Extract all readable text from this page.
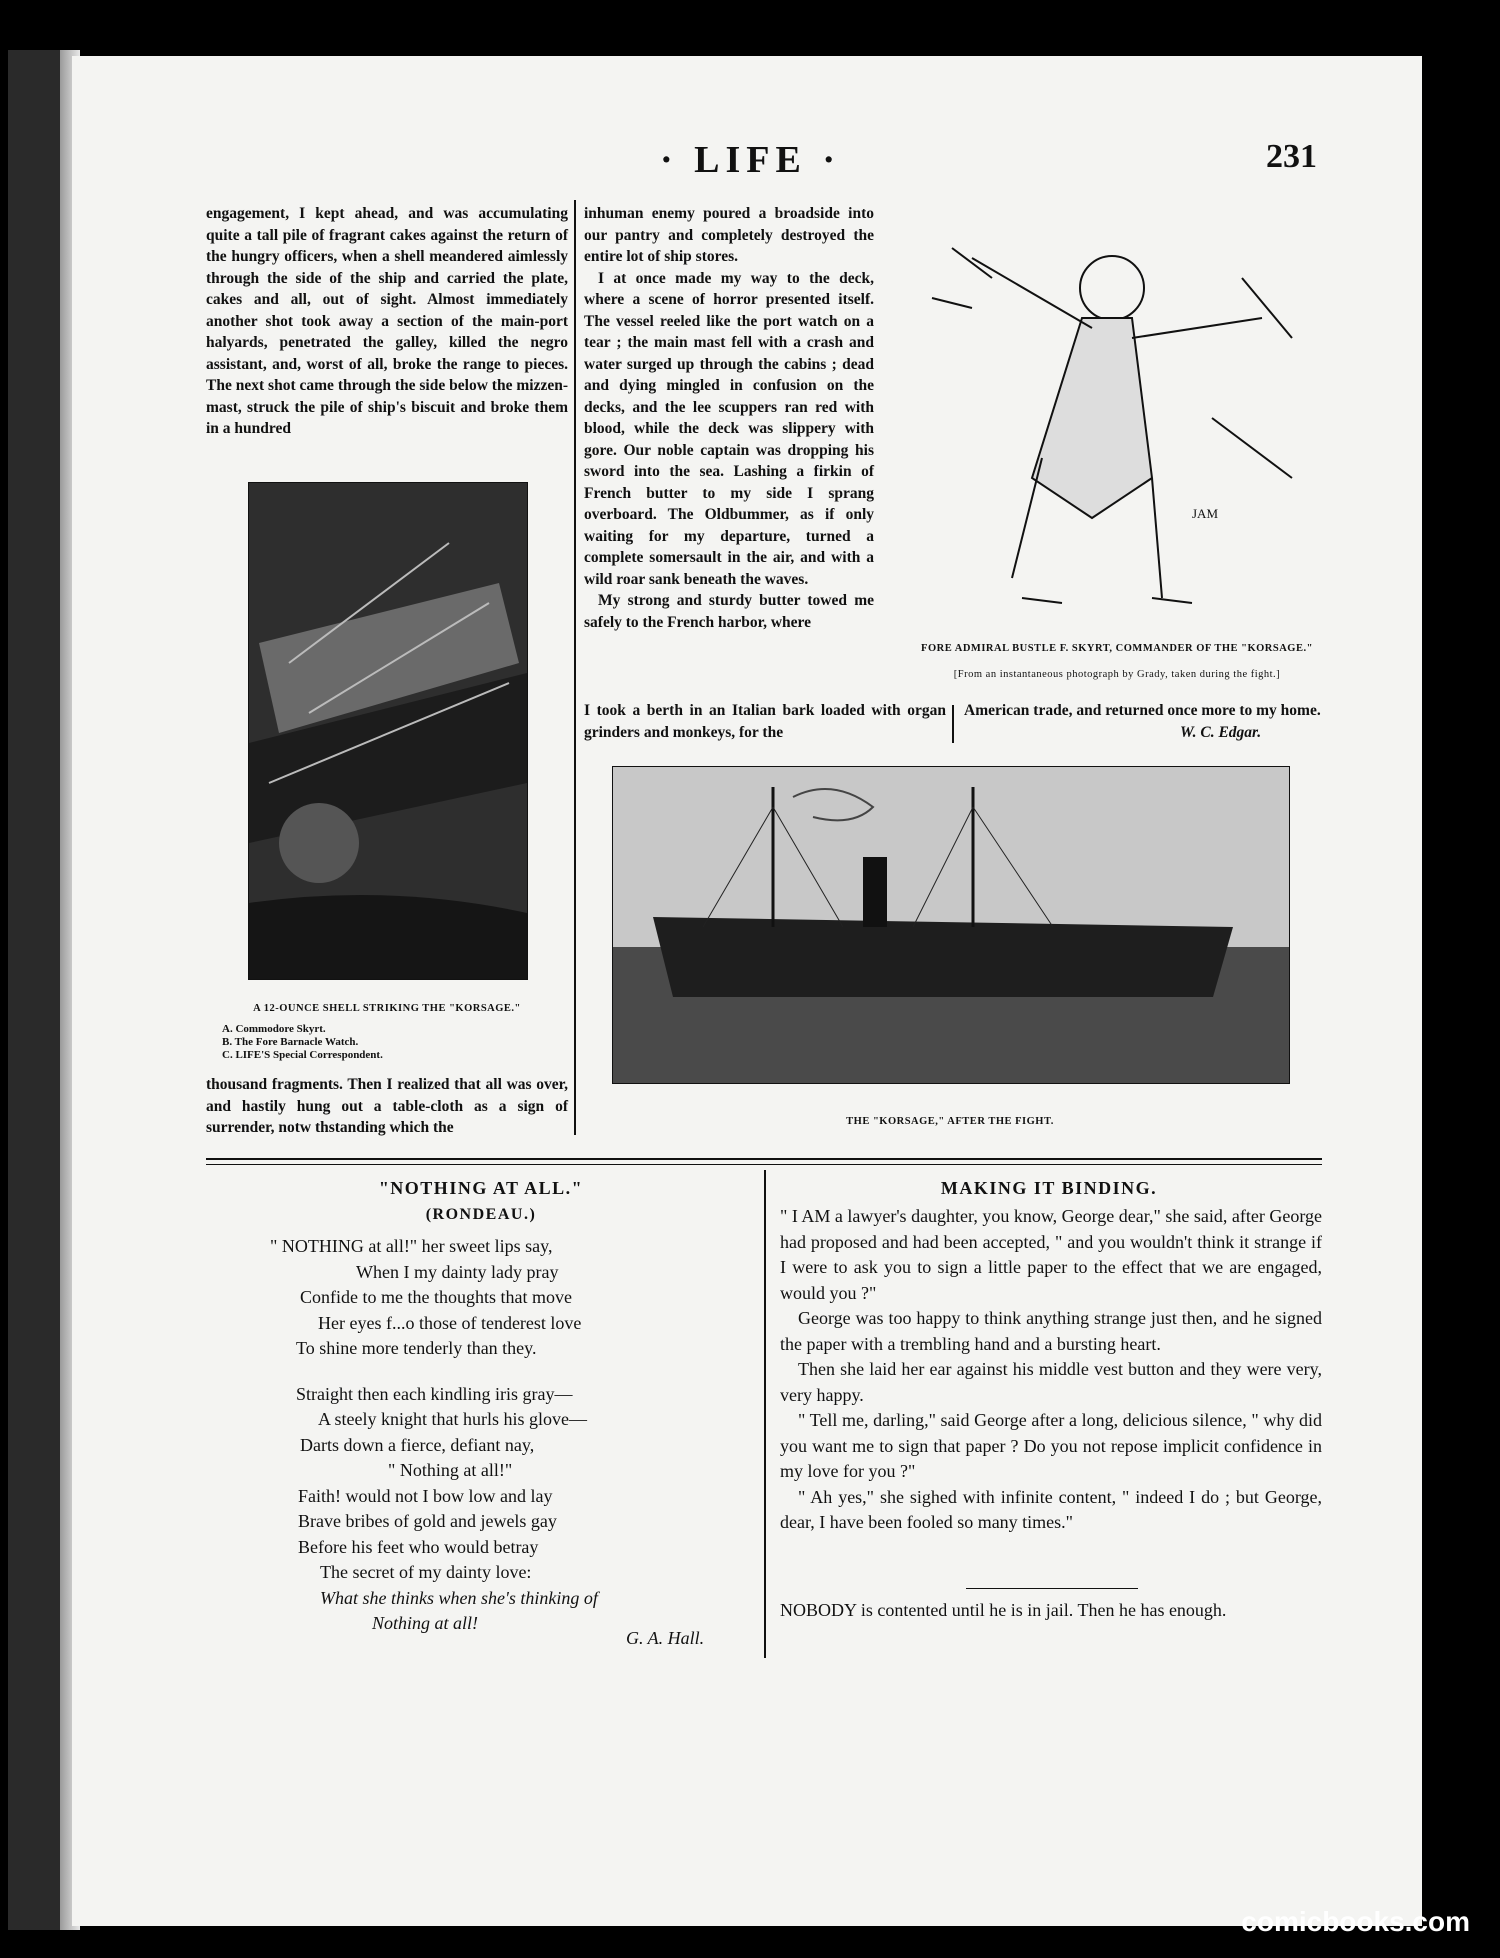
· LIFE ·	231

engagement, I kept ahead, and was accumulating quite a tall pile of fragrant cakes against the return of the hungry officers, when a shell meandered aimlessly through the side of the ship and carried the plate, cakes and all, out of sight. Almost immediately another shot took away a section of the main-port halyards, penetrated the galley, killed the negro assistant, and, worst of all, broke the range to pieces. The next shot came through the side below the mizzen-mast, struck the pile of ship's biscuit and broke them in a hundred

A 12-OUNCE SHELL STRIKING THE "KORSAGE."
A. Commodore Skyrt.
B. The Fore Barnacle Watch.
C. LIFE'S Special Correspondent.

thousand fragments. Then I realized that all was over, and hastily hung out a table-cloth as a sign of surrender, notw thstanding which the

inhuman enemy poured a broadside into our pantry and completely destroyed the entire lot of ship stores.

I at once made my way to the deck, where a scene of horror presented itself. The vessel reeled like the port watch on a tear ; the main mast fell with a crash and water surged up through the cabins ; dead and dying mingled in confusion on the decks, and the lee scuppers ran red with blood, while the deck was slippery with gore. Our noble captain was dropping his sword into the sea. Lashing a firkin of French butter to my side I sprang overboard. The Oldbummer, as if only waiting for my departure, turned a complete somersault in the air, and with a wild roar sank beneath the waves.

My strong and sturdy butter towed me safely to the French harbor, where

JAM
FORE ADMIRAL BUSTLE F. SKYRT, COMMANDER OF THE "KORSAGE."
[From an instantaneous photograph by Grady, taken during the fight.]

I took a berth in an Italian bark loaded with organ grinders and monkeys, for the

American trade, and returned once more to my home.

W. C. Edgar.
THE "KORSAGE," AFTER THE FIGHT.
"NOTHING AT ALL."
(RONDEAU.)
" NOTHING at all!" her sweet lips say,
When I my dainty lady pray
Confide to me the thoughts that move
Her eyes f...o those of tenderest love
To shine more tenderly than they.
Straight then each kindling iris gray—
A steely knight that hurls his glove—
Darts down a fierce, defiant nay,
" Nothing at all!"
Faith! would not I bow low and lay
Brave bribes of gold and jewels gay
Before his feet who would betray
The secret of my dainty love:
What she thinks when she's thinking of
Nothing at all!
G. A. Hall.
MAKING IT BINDING.

" I AM a lawyer's daughter, you know, George dear," she said, after George had proposed and had been accepted, " and you wouldn't think it strange if I were to ask you to sign a little paper to the effect that we are engaged, would you ?"

George was too happy to think anything strange just then, and he signed the paper with a trembling hand and a bursting heart.

Then she laid her ear against his middle vest button and they were very, very happy.

" Tell me, darling," said George after a long, delicious silence, " why did you want me to sign that paper ? Do you not repose implicit confidence in my love for you ?"

" Ah yes," she sighed with infinite content, " indeed I do ; but George, dear, I have been fooled so many times."

NOBODY is contented until he is in jail. Then he has enough.
comicbooks.com
